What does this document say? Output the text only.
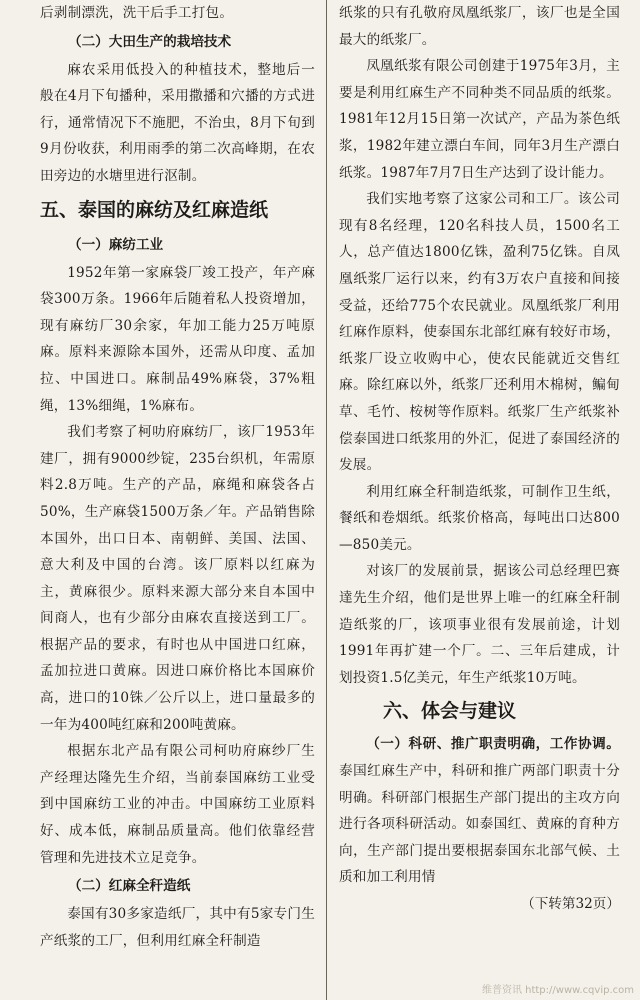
后剥制漂洗，洗干后手工打包。

（二）大田生产的栽培技术

麻农采用低投入的种植技术，整地后一般在4月下旬播种，采用撒播和穴播的方式进行，通常情况下不施肥，不治虫，8月下旬到9月份收获，利用雨季的第二次高峰期，在农田旁边的水塘里进行沤制。

五、泰国的麻纺及红麻造纸
（一）麻纺工业

1952年第一家麻袋厂竣工投产，年产麻袋300万条。1966年后随着私人投资增加，现有麻纺厂30余家，年加工能力25万吨原麻。原料来源除本国外，还需从印度、孟加拉、中国进口。麻制品49%麻袋，37%粗绳，13%细绳，1%麻布。

我们考察了柯叻府麻纺厂，该厂1953年建厂，拥有9000纱锭，235台织机，年需原料2.8万吨。生产的产品，麻绳和麻袋各占50%，生产麻袋1500万条／年。产品销售除本国外，出口日本、南朝鲜、美国、法国、意大利及中国的台湾。该厂原料以红麻为主，黄麻很少。原料来源大部分来自本国中间商人，也有少部分由麻农直接送到工厂。根据产品的要求，有时也从中国进口红麻，孟加拉进口黄麻。因进口麻价格比本国麻价高，进口的10铢／公斤以上，进口量最多的一年为400吨红麻和200吨黄麻。

根据东北产品有限公司柯叻府麻纱厂生产经理达隆先生介绍，当前泰国麻纺工业受到中国麻纺工业的冲击。中国麻纺工业原料好、成本低，麻制品质量高。他们依靠经营管理和先进技术立足竞争。

（二）红麻全秆造纸

泰国有30多家造纸厂，其中有5家专门生产纸浆的工厂，但利用红麻全秆制造

纸浆的只有孔敬府凤凰纸浆厂，该厂也是全国最大的纸浆厂。

凤凰纸浆有限公司创建于1975年3月，主要是利用红麻生产不同种类不同品质的纸浆。1981年12月15日第一次试产，产品为茶色纸浆，1982年建立漂白车间，同年3月生产漂白纸浆。1987年7月7日生产达到了设计能力。

我们实地考察了这家公司和工厂。该公司现有8名经理，120名科技人员，1500名工人，总产值达1800亿铢，盈利75亿铢。自凤凰纸浆厂运行以来，约有3万农户直接和间接受益，还给775个农民就业。凤凰纸浆厂利用红麻作原料，使泰国东北部红麻有较好市场，纸浆厂设立收购中心，使农民能就近交售红麻。除红麻以外，纸浆厂还利用木棉树，鳊甸草、毛竹、桉树等作原料。纸浆厂生产纸浆补偿泰国进口纸浆用的外汇，促进了泰国经济的发展。

利用红麻全秆制造纸浆，可制作卫生纸，餐纸和卷烟纸。纸浆价格高，每吨出口达800—850美元。

对该厂的发展前景，据该公司总经理巴赛達先生介绍，他们是世界上唯一的红麻全秆制造纸浆的厂，该项事业很有发展前途，计划1991年再扩建一个厂。二、三年后建成，计划投资1.5亿美元，年生产纸浆10万吨。

六、体会与建议

（一）科研、推广职责明确，工作协调。泰国红麻生产中，科研和推广两部门职责十分明确。科研部门根据生产部门提出的主攻方向进行各项科研活动。如泰国红、黄麻的育种方向，生产部门提出要根据泰国东北部气候、土质和加工利用情

（下转第32页）

维普资讯 http://www.cqvip.com
